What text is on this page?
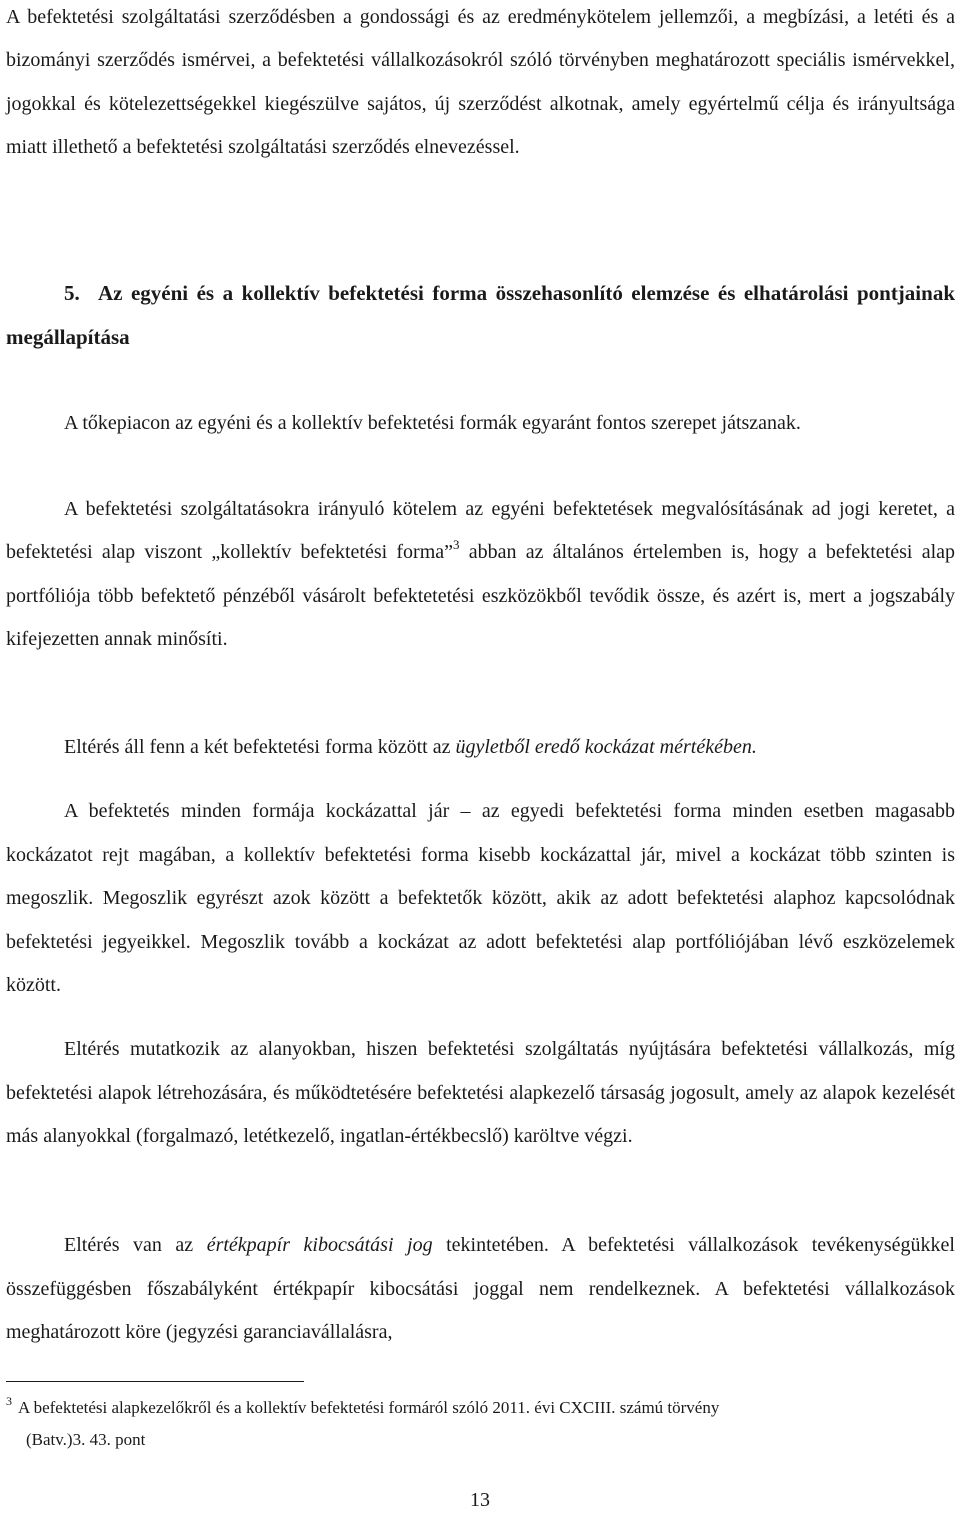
A befektetési szolgáltatási szerződésben a gondossági és az eredménykötelem jellemzői, a megbízási, a letéti és a bizományi szerződés ismérvei, a befektetési vállalkozásokról szóló törvényben meghatározott speciális ismérvekkel, jogokkal és kötelezettségekkel kiegészülve sajátos, új szerződést alkotnak, amely egyértelmű célja és irányultsága miatt illethető a befektetési szolgáltatási szerződés elnevezéssel.

5. Az egyéni és a kollektív befektetési forma összehasonlító elemzése és elhatárolási pontjainak megállapítása

A tőkepiacon az egyéni és a kollektív befektetési formák egyaránt fontos szerepet játszanak.

A befektetési szolgáltatásokra irányuló kötelem az egyéni befektetések megvalósításának ad jogi keretet, a befektetési alap viszont „kollektív befektetési forma”$^3$ abban az általános értelemben is, hogy a befektetési alap portfóliója több befektető pénzéből vásárolt befektetetési eszközökből tevődik össze, és azért is, mert a jogszabály kifejezetten annak minősíti.

Eltérés áll fenn a két befektetési forma között az ügyletből eredő kockázat mértékében.

A befektetés minden formája kockázattal jár – az egyedi befektetési forma minden esetben magasabb kockázatot rejt magában, a kollektív befektetési forma kisebb kockázattal jár, mivel a kockázat több szinten is megoszlik. Megoszlik egyrészt azok között a befektetők között, akik az adott befektetési alaphoz kapcsolódnak befektetési jegyeikkel. Megoszlik tovább a kockázat az adott befektetési alap portfóliójában lévő eszközelemek között.

Eltérés mutatkozik az alanyokban, hiszen befektetési szolgáltatás nyújtására befektetési vállalkozás, míg befektetési alapok létrehozására, és működtetésére befektetési alapkezelő társaság jogosult, amely az alapok kezelését más alanyokkal (forgalmazó, letétkezelő, ingatlan-értékbecslő) karöltve végzi.

Eltérés van az értékpapír kibocsátási jog tekintetében. A befektetési vállalkozások tevékenységükkel összefüggésben főszabályként értékpapír kibocsátási joggal nem rendelkeznek. A befektetési vállalkozások meghatározott köre (jegyzési garanciavállalásra,

$^3$ A befektetési alapkezelőkről és a kollektív befektetési formáról szóló 2011. évi CXCIII. számú törvény
(Batv.)3. 43. pont
13
